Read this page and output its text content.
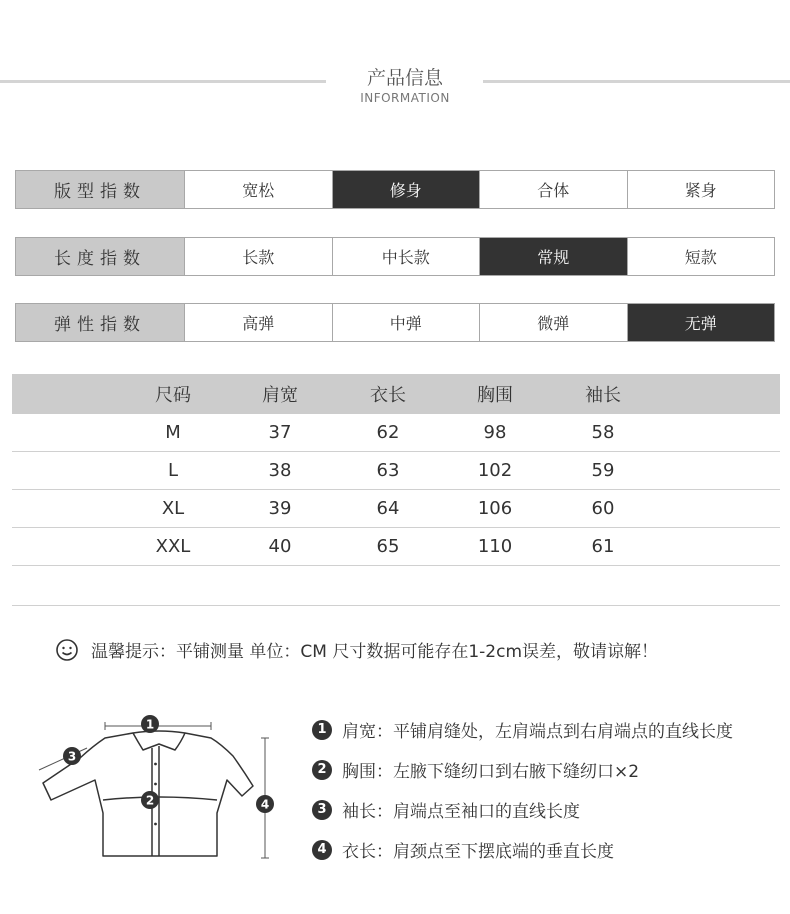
产品信息
INFORMATION
版型指数	宽松	修身	合体	紧身
长度指数	长款	中长款	常规	短款
弹性指数	高弹	中弹	微弹	无弹
尺码	肩宽	衣长	胸围	袖长
M	37	62	98	58
L	38	63	102	59
XL	39	64	106	60
XXL	40	65	110	61
温馨提示：平铺测量 单位：CM 尺寸数据可能存在1-2cm误差，敬请谅解！
1
2
3
4
1 肩宽：平铺肩缝处，左肩端点到右肩端点的直线长度
2 胸围：左腋下缝纫口到右腋下缝纫口×2
3 袖长：肩端点至袖口的直线长度
4 衣长：肩颈点至下摆底端的垂直长度
